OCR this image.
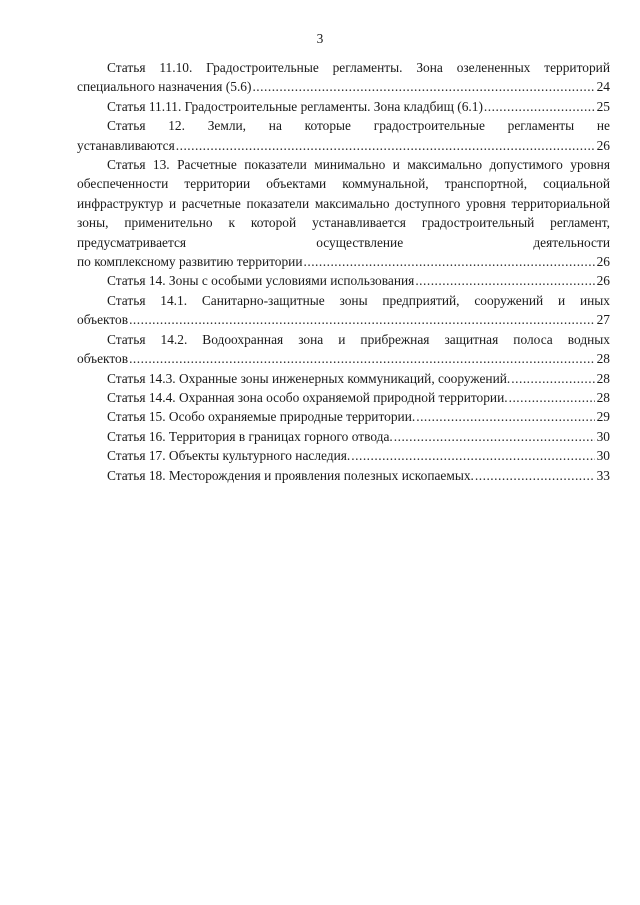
3
Статья 11.10. Градостроительные регламенты. Зона озелененных территорий
специального назначения (5.6) .....	24
Статья 11.11. Градостроительные регламенты. Зона кладбищ (6.1) .....	25
Статья 12. Земли, на которые градостроительные регламенты не
устанавливаются .....	26
Статья 13. Расчетные показатели минимально и максимально допустимого уровня обеспеченности территории объектами коммунальной, транспортной, социальной инфраструктур и расчетные показатели максимально доступного уровня территориальной зоны, применительно к которой устанавливается градостроительный регламент, предусматривается осуществление деятельности
по комплексному развитию территории .....	26
Статья 14. Зоны с особыми условиями использования .....	26
Статья 14.1. Санитарно-защитные зоны предприятий, сооружений и иных
объектов .....	27
Статья 14.2. Водоохранная зона и прибрежная защитная полоса водных
объектов .....	28
Статья 14.3. Охранные зоны инженерных коммуникаций, сооружений. .....	28
Статья 14.4. Охранная зона особо охраняемой природной территории. .....	28
Статья 15. Особо охраняемые природные территории. .....	29
Статья 16. Территория в границах горного отвода. .....	30
Статья 17. Объекты культурного наследия. .....	30
Статья 18. Месторождения и проявления полезных ископаемых. .....	33
